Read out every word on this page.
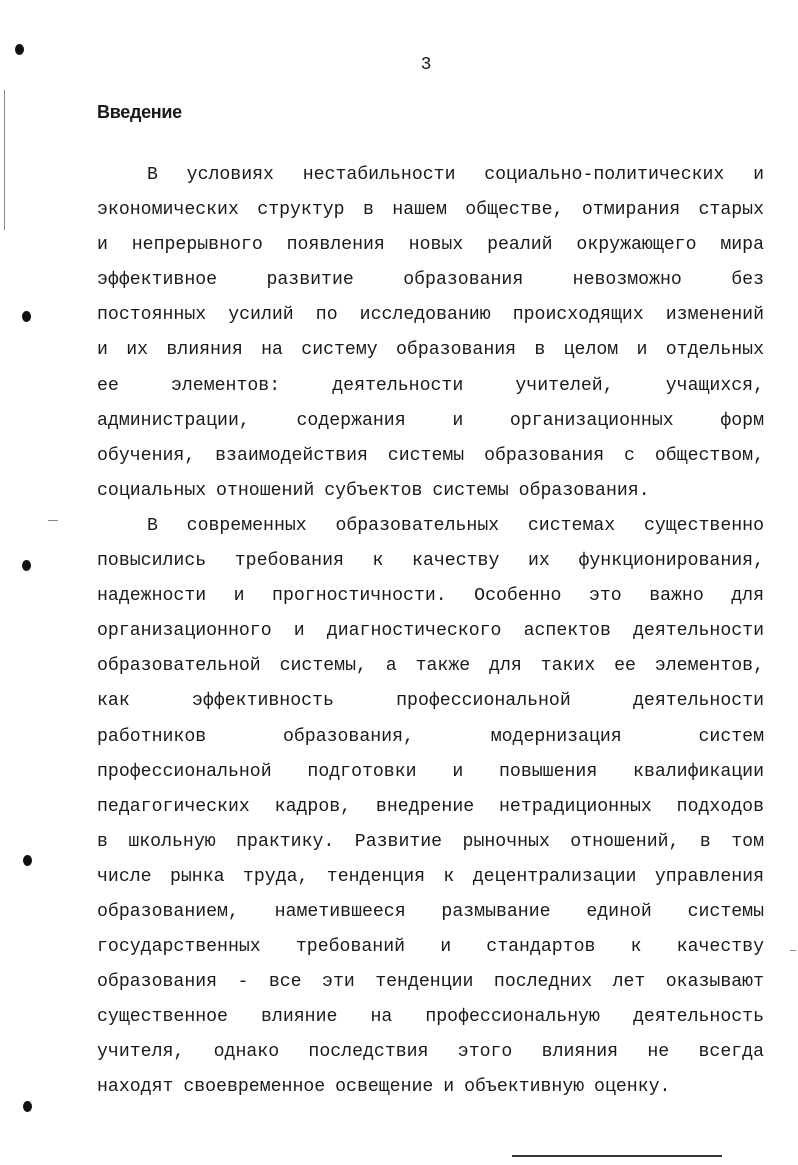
3
Введение
В условиях нестабильности социально-политических и
экономических структур в нашем обществе, отмирания старых
и непрерывного появления новых реалий окружающего мира
эффективное развитие образования невозможно без
постоянных усилий по исследованию происходящих изменений
и их влияния на систему образования в целом и отдельных
ее элементов: деятельности учителей, учащихся,
администрации, содержания и организационных форм
обучения, взаимодействия системы образования с обществом,
социальных отношений субъектов системы образования.
В современных образовательных системах существенно
повысились требования к качеству их функционирования,
надежности и прогностичности. Особенно это важно для
организационного и диагностического аспектов деятельности
образовательной системы, а также для таких ее элементов,
как эффективность профессиональной деятельности
работников образования, модернизация систем
профессиональной подготовки и повышения квалификации
педагогических кадров, внедрение нетрадиционных подходов
в школьную практику. Развитие рыночных отношений, в том
числе рынка труда, тенденция к децентрализации управления
образованием, наметившееся размывание единой системы
государственных требований и стандартов к качеству
образования - все эти тенденции последних лет оказывают
существенное влияние на профессиональную деятельность
учителя, однако последствия этого влияния не всегда
находят своевременное освещение и объективную оценку.
